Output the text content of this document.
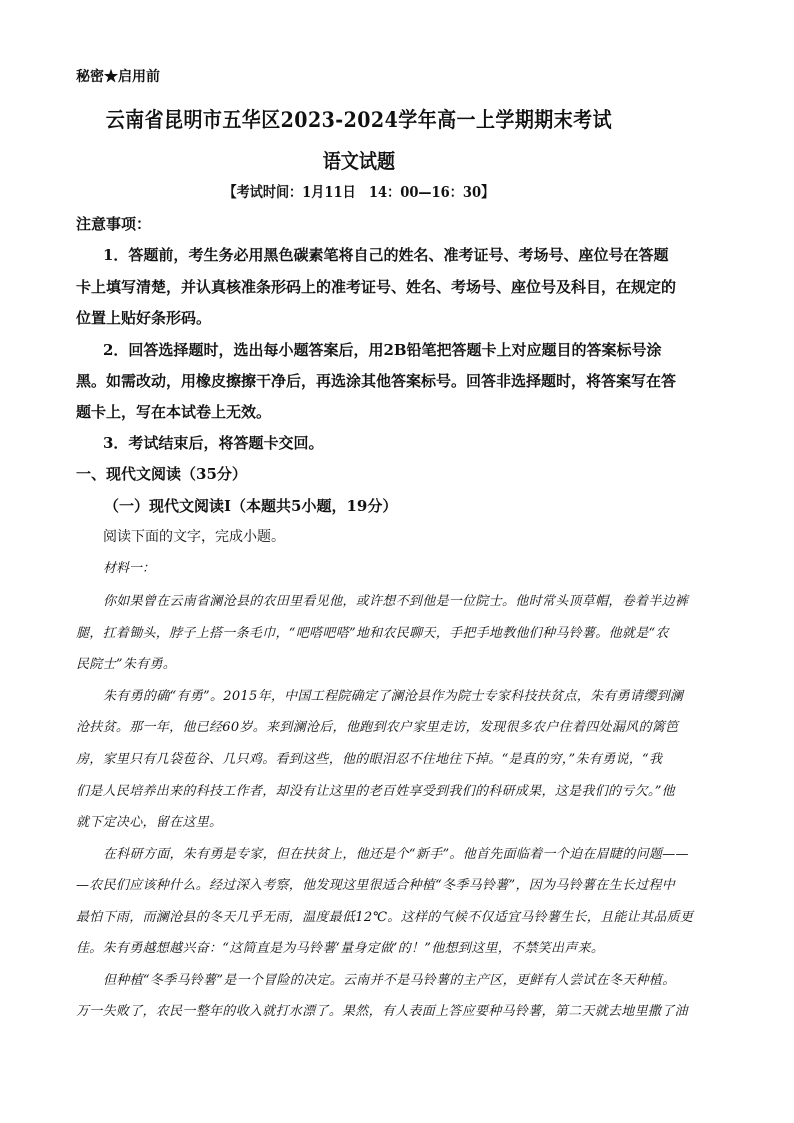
秘密★启用前
云南省昆明市五华区2023-2024学年高一上学期期末考试
语文试题
【考试时间：1月11日　14：00—16：30】
注意事项：
1．答题前，考生务必用黑色碳素笔将自己的姓名、准考证号、考场号、座位号在答题
卡上填写清楚，并认真核准条形码上的准考证号、姓名、考场号、座位号及科目，在规定的
位置上贴好条形码。
2．回答选择题时，选出每小题答案后，用2B铅笔把答题卡上对应题目的答案标号涂
黑。如需改动，用橡皮擦擦干净后，再选涂其他答案标号。回答非选择题时，将答案写在答
题卡上，写在本试卷上无效。
3．考试结束后，将答题卡交回。
一、现代文阅读（35分）
（一）现代文阅读Ⅰ（本题共5小题，19分）
阅读下面的文字，完成小题。
材料一：
你如果曾在云南省澜沧县的农田里看见他，或许想不到他是一位院士。他时常头顶草帽，卷着半边裤
腿，扛着锄头，脖子上搭一条毛巾，“吧嗒吧嗒”地和农民聊天，手把手地教他们种马铃薯。他就是“农
民院士”朱有勇。
朱有勇的确“有勇”。2015年，中国工程院确定了澜沧县作为院士专家科技扶贫点，朱有勇请缨到澜
沧扶贫。那一年，他已经60岁。来到澜沧后，他跑到农户家里走访，发现很多农户住着四处漏风的篱笆
房，家里只有几袋苞谷、几只鸡。看到这些，他的眼泪忍不住地往下掉。“是真的穷，”朱有勇说，“我
们是人民培养出来的科技工作者，却没有让这里的老百姓享受到我们的科研成果，这是我们的亏欠。”他
就下定决心，留在这里。
在科研方面，朱有勇是专家，但在扶贫上，他还是个“新手”。他首先面临着一个迫在眉睫的问题——
—农民们应该种什么。经过深入考察，他发现这里很适合种植“冬季马铃薯”，因为马铃薯在生长过程中
最怕下雨，而澜沧县的冬天几乎无雨，温度最低12℃。这样的气候不仅适宜马铃薯生长，且能让其品质更
佳。朱有勇越想越兴奋：“这简直是为马铃薯‘量身定做’的！”他想到这里，不禁笑出声来。
但种植“冬季马铃薯”是一个冒险的决定。云南并不是马铃薯的主产区，更鲜有人尝试在冬天种植。
万一失败了，农民一整年的收入就打水漂了。果然，有人表面上答应要种马铃薯，第二天就去地里撒了油
